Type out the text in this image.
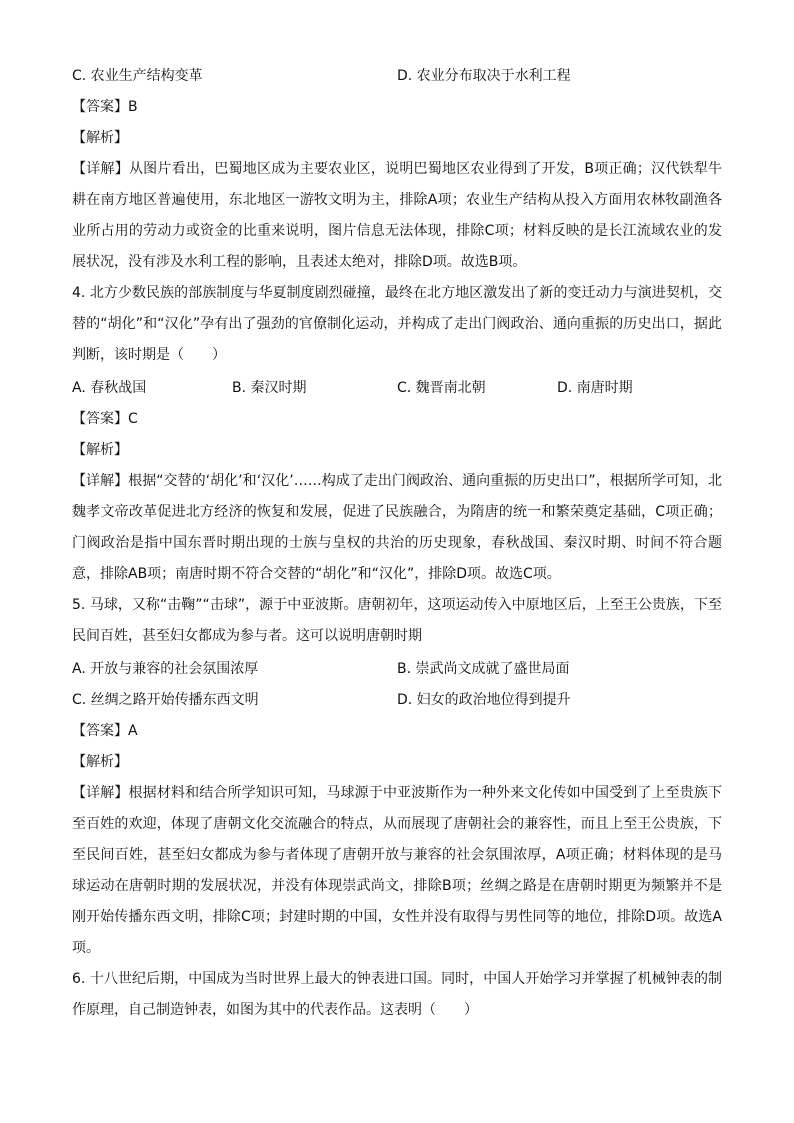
C. 农业生产结构变革	D. 农业分布取决于水利工程
【答案】B
【解析】
【详解】从图片看出，巴蜀地区成为主要农业区，说明巴蜀地区农业得到了开发，B项正确；汉代铁犁牛耕在南方地区普遍使用，东北地区一游牧文明为主，排除A项；农业生产结构从投入方面用农林牧副渔各业所占用的劳动力或资金的比重来说明，图片信息无法体现，排除C项；材料反映的是长江流域农业的发展状况，没有涉及水利工程的影响，且表述太绝对，排除D项。故选B项。
4. 北方少数民族的部族制度与华夏制度剧烈碰撞，最终在北方地区激发出了新的变迁动力与演进契机，交替的“胡化”和“汉化”孕有出了强劲的官僚制化运动，并构成了走出门阀政治、通向重振的历史出口，据此判断，该时期是（　　）
A. 春秋战国	B. 秦汉时期	C. 魏晋南北朝	D. 南唐时期
【答案】C
【解析】
【详解】根据“交替的‘胡化’和‘汉化’……构成了走出门阀政治、通向重振的历史出口”，根据所学可知，北魏孝文帝改革促进北方经济的恢复和发展，促进了民族融合，为隋唐的统一和繁荣奠定基础，C项正确；门阀政治是指中国东晋时期出现的士族与皇权的共治的历史现象，春秋战国、秦汉时期、时间不符合题意，排除AB项；南唐时期不符合交替的“胡化”和“汉化”，排除D项。故选C项。
5. 马球，又称“击鞠”“击球”，源于中亚波斯。唐朝初年，这项运动传入中原地区后，上至王公贵族，下至民间百姓，甚至妇女都成为参与者。这可以说明唐朝时期
A. 开放与兼容的社会氛围浓厚	B. 崇武尚文成就了盛世局面
C. 丝绸之路开始传播东西文明	D. 妇女的政治地位得到提升
【答案】A
【解析】
【详解】根据材料和结合所学知识可知，马球源于中亚波斯作为一种外来文化传如中国受到了上至贵族下至百姓的欢迎，体现了唐朝文化交流融合的特点，从而展现了唐朝社会的兼容性，而且上至王公贵族，下至民间百姓，甚至妇女都成为参与者体现了唐朝开放与兼容的社会氛围浓厚，A项正确；材料体现的是马球运动在唐朝时期的发展状况，并没有体现崇武尚文，排除B项；丝绸之路是在唐朝时期更为频繁并不是刚开始传播东西文明，排除C项；封建时期的中国，女性并没有取得与男性同等的地位，排除D项。故选A项。
6. 十八世纪后期，中国成为当时世界上最大的钟表进口国。同时，中国人开始学习并掌握了机械钟表的制作原理，自己制造钟表，如图为其中的代表作品。这表明（　　）
